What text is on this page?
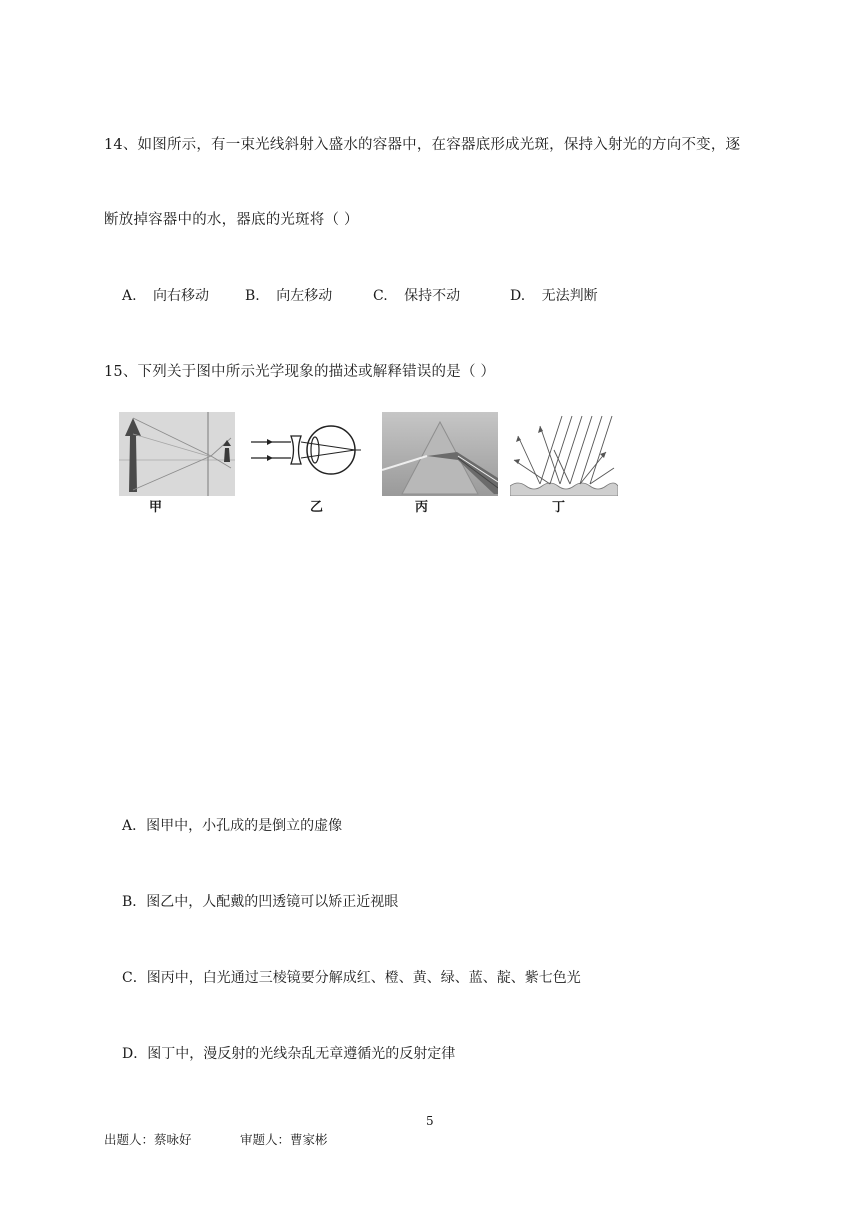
14、如图所示，有一束光线斜射入盛水的容器中，在容器底形成光斑，保持入射光的方向不变，逐
断放掉容器中的水，器底的光斑将（ ）
A. 向右移动	B. 向左移动	C. 保持不动	D. 无法判断
15、下列关于图中所示光学现象的描述或解释错误的是（ ）
甲	乙	丙	丁
A．图甲中，小孔成的是倒立的虚像
B．图乙中，人配戴的凹透镜可以矫正近视眼
C．图丙中，白光通过三棱镜要分解成红、橙、黄、绿、蓝、靛、紫七色光
D．图丁中，漫反射的光线杂乱无章遵循光的反射定律
5
出题人：蔡咏好	审题人：曹家彬
